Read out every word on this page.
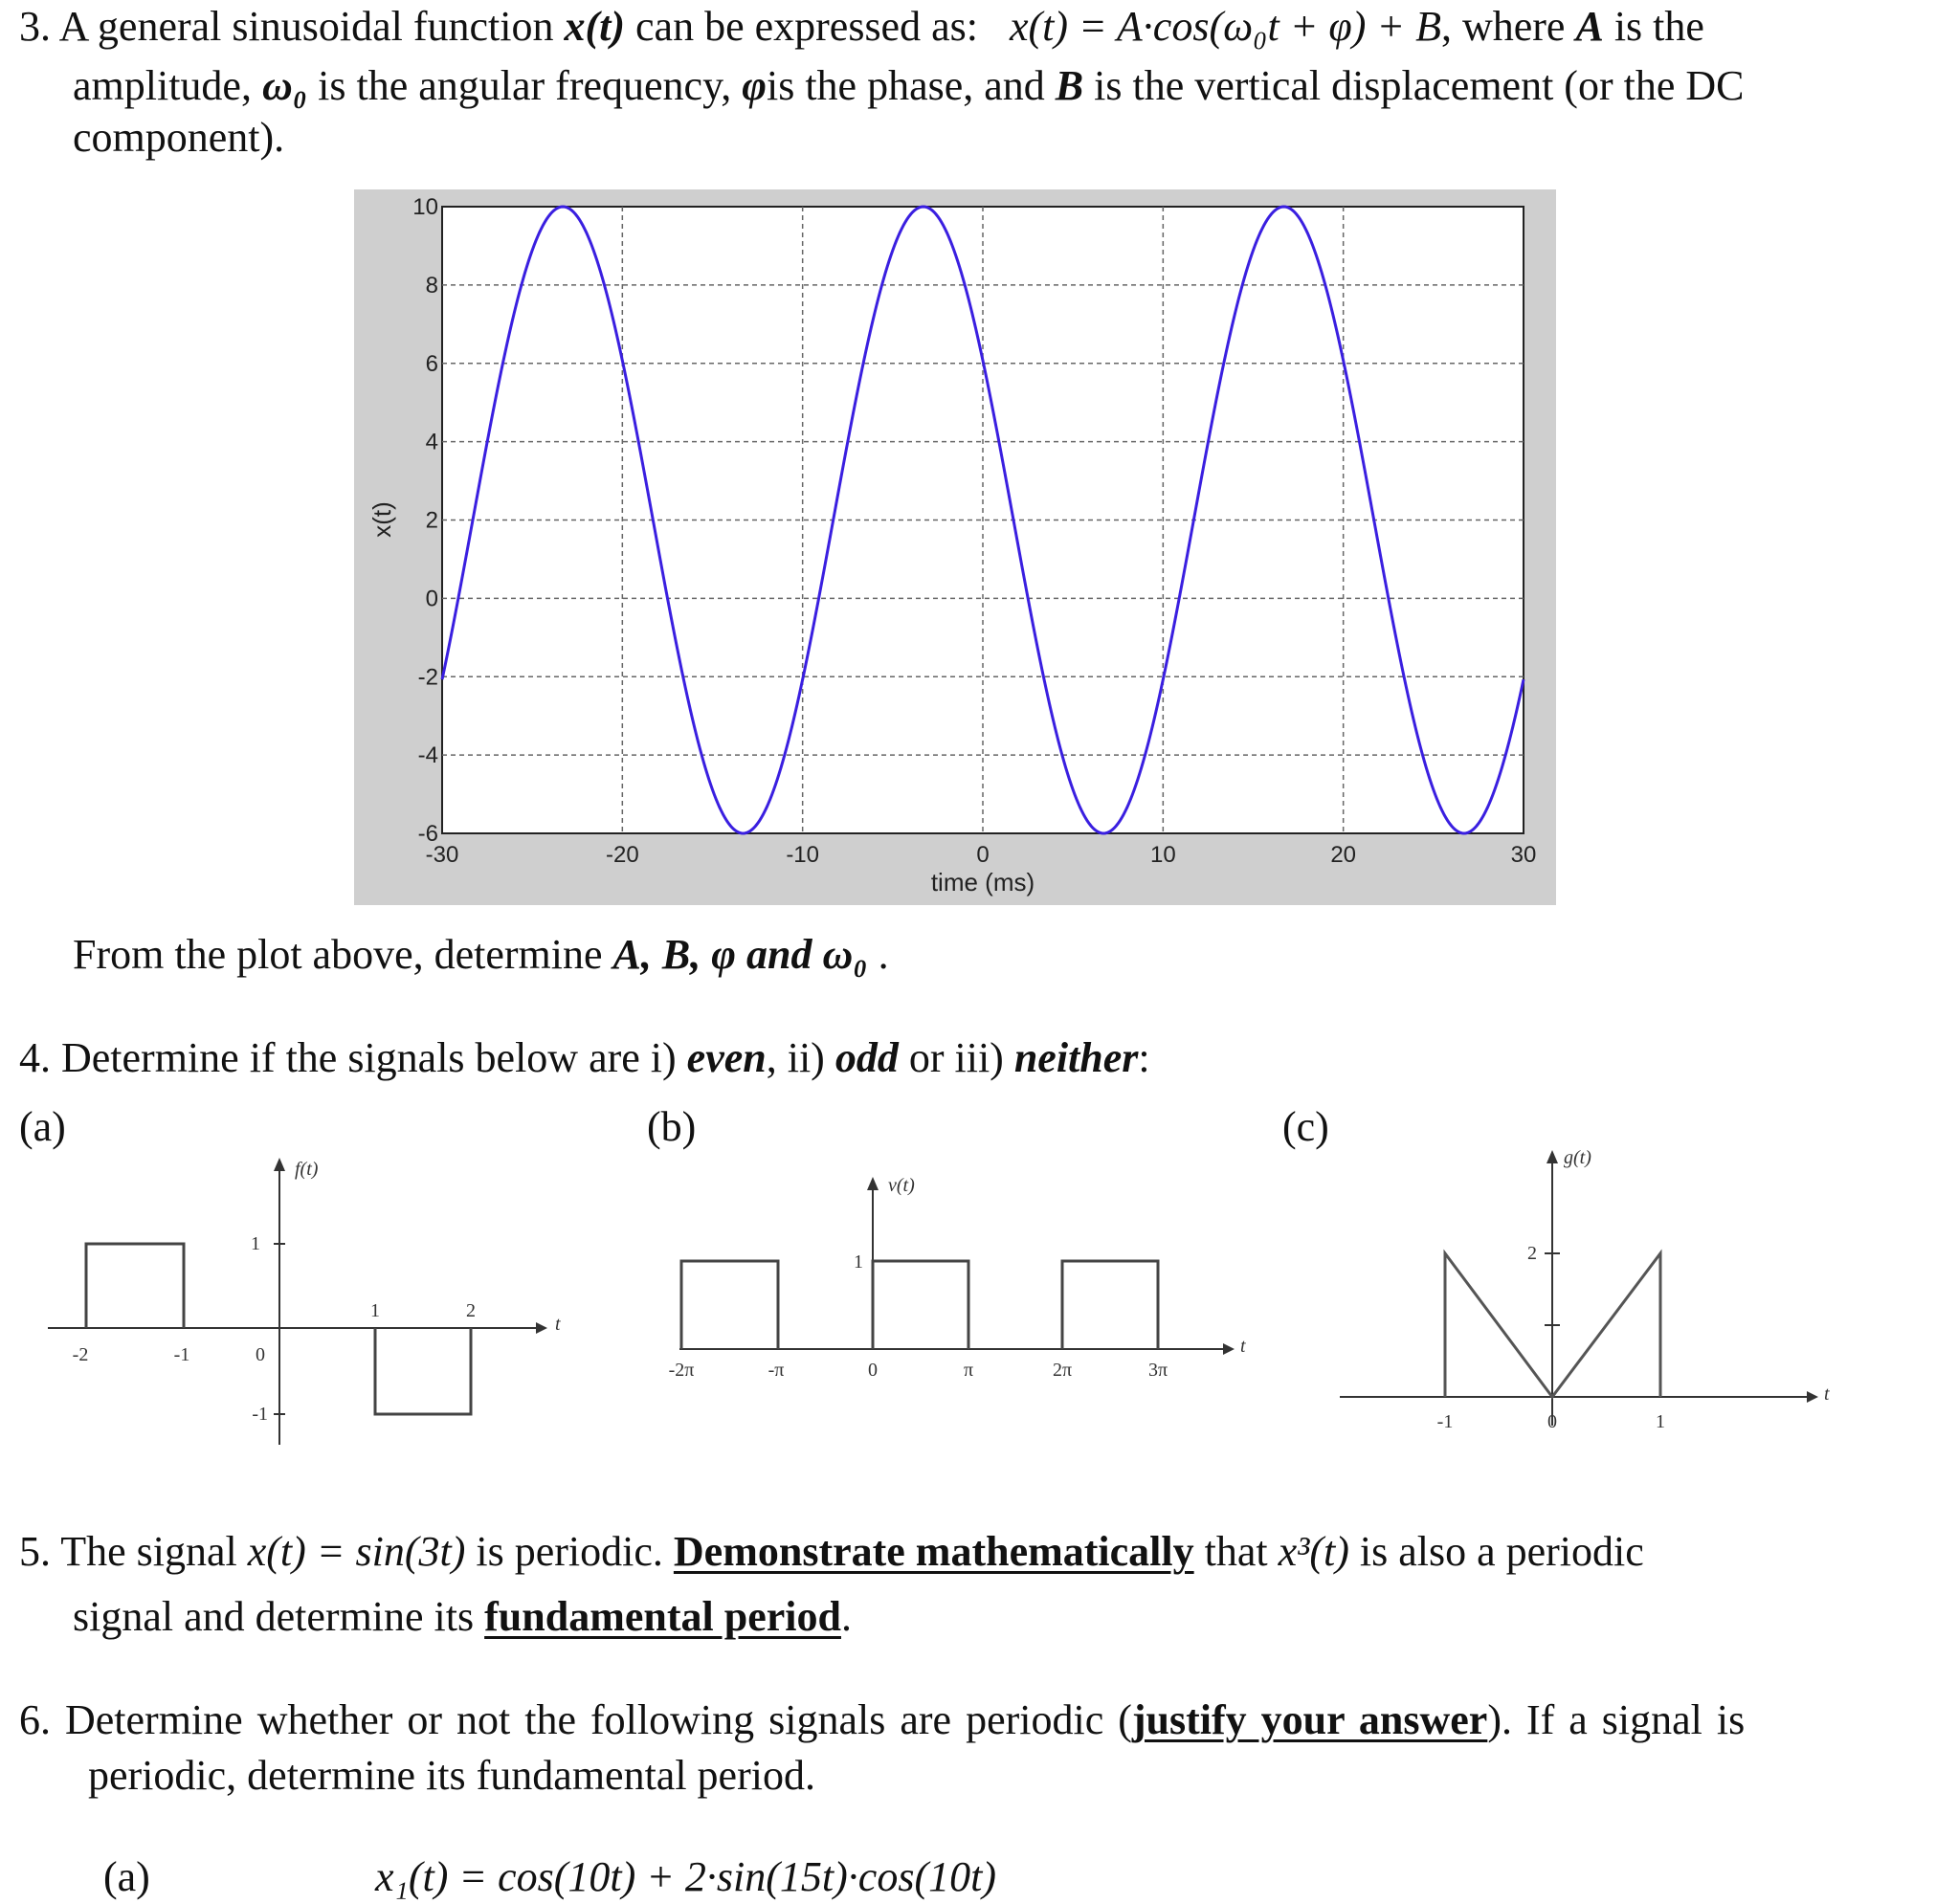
3. A general sinusoidal function x(t) can be expressed as: x(t) = A·cos(ω₀t + φ) + B, where A is the
amplitude, ω₀ is the angular frequency, φis the phase, and B is the vertical displacement (or the DC
component).
-30	-20	-10	0	10	20	30
-6
-4
-2
0
2
4
6
8
10
time (ms)
x(t)
From the plot above, determine A, B, φ and ω₀ .
4. Determine if the signals below are i) even, ii) odd or iii) neither:
(a)	(b)	(c)
f(t)
t
1
-1
-2	-1	0
1	2
v(t)
t
1
-2π	-π	0	π	2π	3π
g(t)
t
2
-1	0	1
5. The signal x(t) = sin(3t) is periodic. Demonstrate mathematically that x³(t) is also a periodic
signal and determine its fundamental period.
6. Determine whether or not the following signals are periodic (justify your answer). If a signal is
periodic, determine its fundamental period.
(a)	x₁(t) = cos(10t) + 2·sin(15t)·cos(10t)
